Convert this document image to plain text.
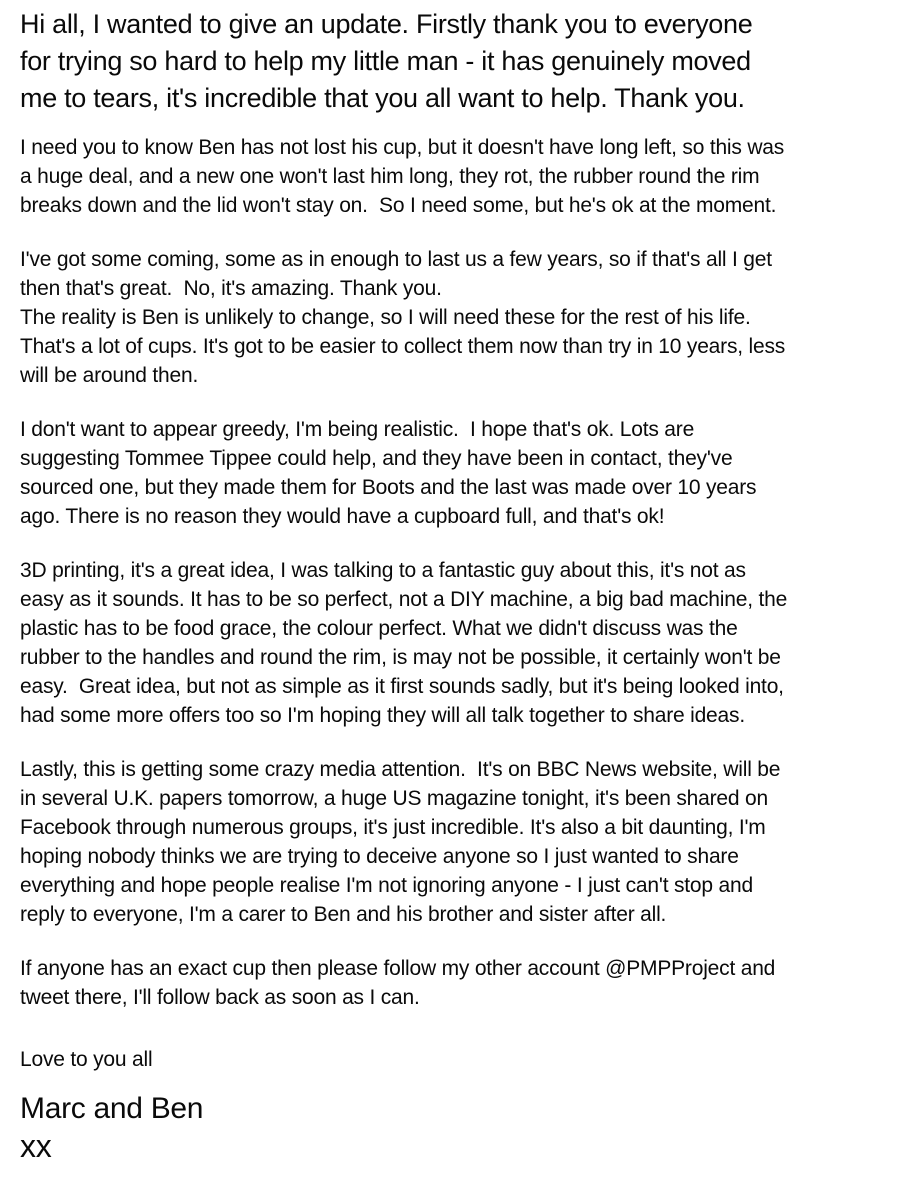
Hi all, I wanted to give an update. Firstly thank you to everyone
for trying so hard to help my little man - it has genuinely moved
me to tears, it's incredible that you all want to help. Thank you.
I need you to know Ben has not lost his cup, but it doesn't have long left, so this was
a huge deal, and a new one won't last him long, they rot, the rubber round the rim
breaks down and the lid won't stay on.  So I need some, but he's ok at the moment.
I've got some coming, some as in enough to last us a few years, so if that's all I get
then that's great.  No, it's amazing. Thank you.
The reality is Ben is unlikely to change, so I will need these for the rest of his life.
That's a lot of cups. It's got to be easier to collect them now than try in 10 years, less
will be around then.
I don't want to appear greedy, I'm being realistic.  I hope that's ok. Lots are
suggesting Tommee Tippee could help, and they have been in contact, they've
sourced one, but they made them for Boots and the last was made over 10 years
ago. There is no reason they would have a cupboard full, and that's ok!
3D printing, it's a great idea, I was talking to a fantastic guy about this, it's not as
easy as it sounds. It has to be so perfect, not a DIY machine, a big bad machine, the
plastic has to be food grace, the colour perfect. What we didn't discuss was the
rubber to the handles and round the rim, is may not be possible, it certainly won't be
easy.  Great idea, but not as simple as it first sounds sadly, but it's being looked into,
had some more offers too so I'm hoping they will all talk together to share ideas.
Lastly, this is getting some crazy media attention.  It's on BBC News website, will be
in several U.K. papers tomorrow, a huge US magazine tonight, it's been shared on
Facebook through numerous groups, it's just incredible. It's also a bit daunting, I'm
hoping nobody thinks we are trying to deceive anyone so I just wanted to share
everything and hope people realise I'm not ignoring anyone - I just can't stop and
reply to everyone, I'm a carer to Ben and his brother and sister after all.
If anyone has an exact cup then please follow my other account @PMPProject and
tweet there, I'll follow back as soon as I can.
Love to you all
Marc and Ben
xx
